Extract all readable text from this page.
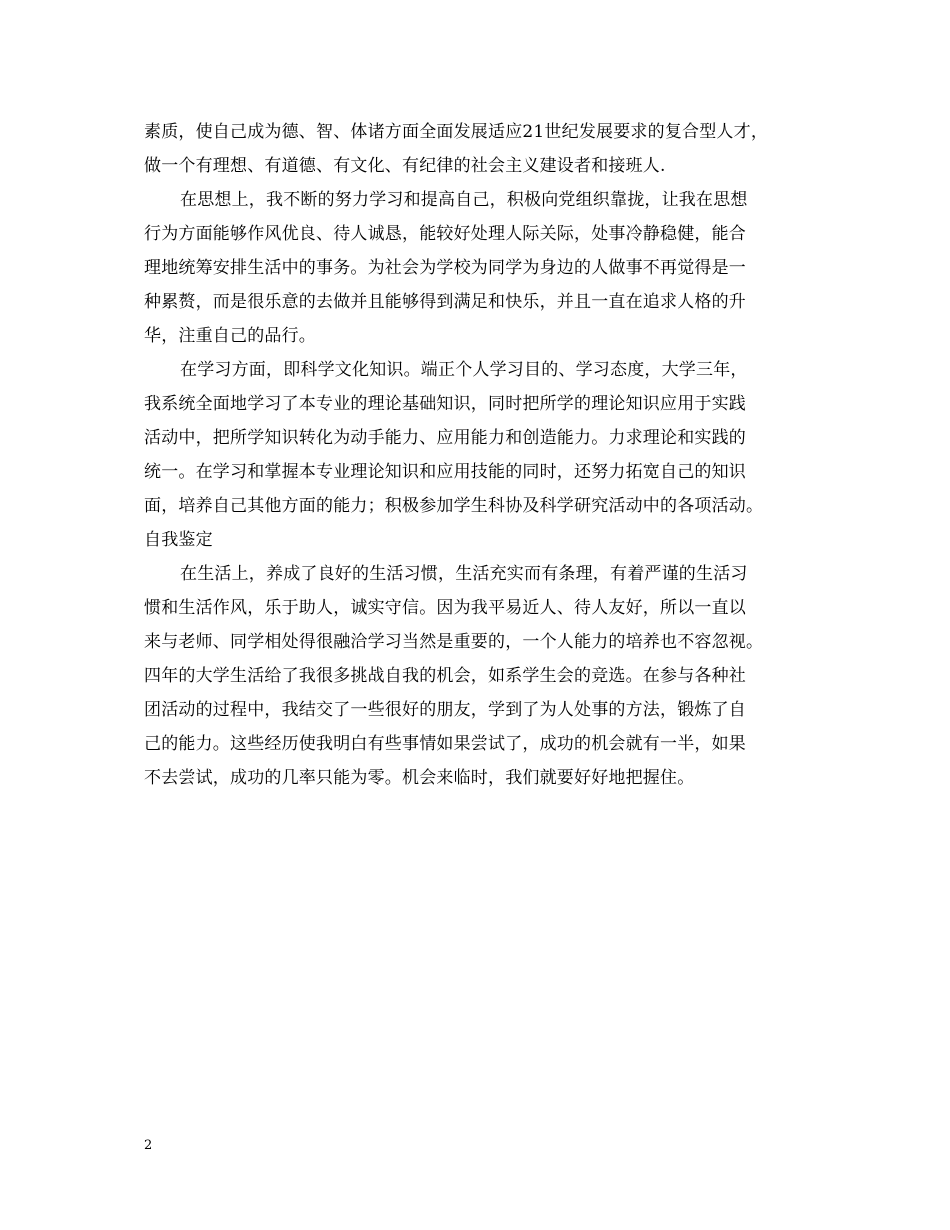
素质，使自己成为德、智、体诸方面全面发展适应21世纪发展要求的复合型人才，
做一个有理想、有道德、有文化、有纪律的社会主义建设者和接班人.
在思想上，我不断的努力学习和提高自己，积极向党组织靠拢，让我在思想
行为方面能够作风优良、待人诚恳，能较好处理人际关际，处事冷静稳健，能合
理地统筹安排生活中的事务。为社会为学校为同学为身边的人做事不再觉得是一
种累赘，而是很乐意的去做并且能够得到满足和快乐，并且一直在追求人格的升
华，注重自己的品行。
在学习方面，即科学文化知识。端正个人学习目的、学习态度，大学三年，
我系统全面地学习了本专业的理论基础知识，同时把所学的理论知识应用于实践
活动中，把所学知识转化为动手能力、应用能力和创造能力。力求理论和实践的
统一。在学习和掌握本专业理论知识和应用技能的同时，还努力拓宽自己的知识
面，培养自己其他方面的能力；积极参加学生科协及科学研究活动中的各项活动。
自我鉴定
在生活上，养成了良好的生活习惯，生活充实而有条理，有着严谨的生活习
惯和生活作风，乐于助人，诚实守信。因为我平易近人、待人友好，所以一直以
来与老师、同学相处得很融洽学习当然是重要的，一个人能力的培养也不容忽视。
四年的大学生活给了我很多挑战自我的机会，如系学生会的竞选。在参与各种社
团活动的过程中，我结交了一些很好的朋友，学到了为人处事的方法，锻炼了自
己的能力。这些经历使我明白有些事情如果尝试了，成功的机会就有一半，如果
不去尝试，成功的几率只能为零。机会来临时，我们就要好好地把握住。
2
